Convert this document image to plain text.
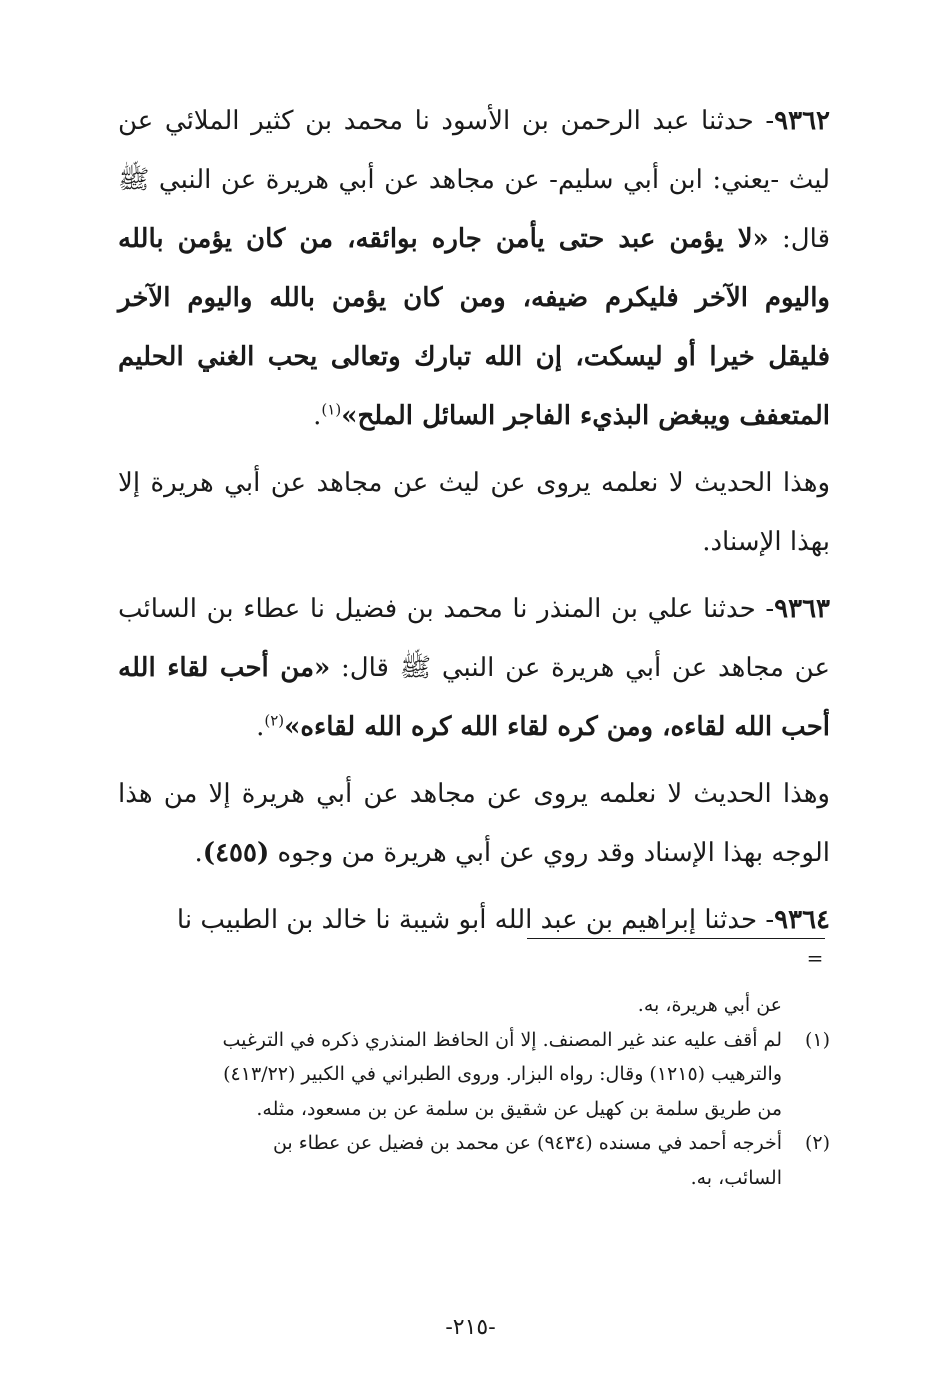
٩٣٦٢- حدثنا عبد الرحمن بن الأسود نا محمد بن كثير الملائي عن ليث -يعني: ابن أبي سليم- عن مجاهد عن أبي هريرة عن النبي ﷺ قال: «لا يؤمن عبد حتى يأمن جاره بوائقه، من كان يؤمن بالله واليوم الآخر فليكرم ضيفه، ومن كان يؤمن بالله واليوم الآخر فليقل خيرا أو ليسكت، إن الله تبارك وتعالى يحب الغني الحليم المتعفف ويبغض البذيء الفاجر السائل الملح»$^{(١)}$.

وهذا الحديث لا نعلمه يروى عن ليث عن مجاهد عن أبي هريرة إلا بهذا الإسناد.

٩٣٦٣- حدثنا علي بن المنذر نا محمد بن فضيل نا عطاء بن السائب عن مجاهد عن أبي هريرة عن النبي ﷺ قال: «من أحب لقاء الله أحب الله لقاءه، ومن كره لقاء الله كره الله لقاءه»$^{(٢)}$.

وهذا الحديث لا نعلمه يروى عن مجاهد عن أبي هريرة إلا من هذا الوجه بهذا الإسناد وقد روي عن أبي هريرة من وجوه (٤٥٥).

٩٣٦٤- حدثنا إبراهيم بن عبد الله أبو شيبة نا خالد بن الطبيب نا

=

عن أبي هريرة، به.

(١)
لم أقف عليه عند غير المصنف. إلا أن الحافظ المنذري ذكره في الترغيب
والترهيب (١٢١٥) وقال: رواه البزار. وروى الطبراني في الكبير (٤١٣/٢٢)
من طريق سلمة بن كهيل عن شقيق بن سلمة عن بن مسعود، مثله.
(٢)
أخرجه أحمد في مسنده (٩٤٣٤) عن محمد بن فضيل عن عطاء بن
السائب، به.
-٢١٥-
